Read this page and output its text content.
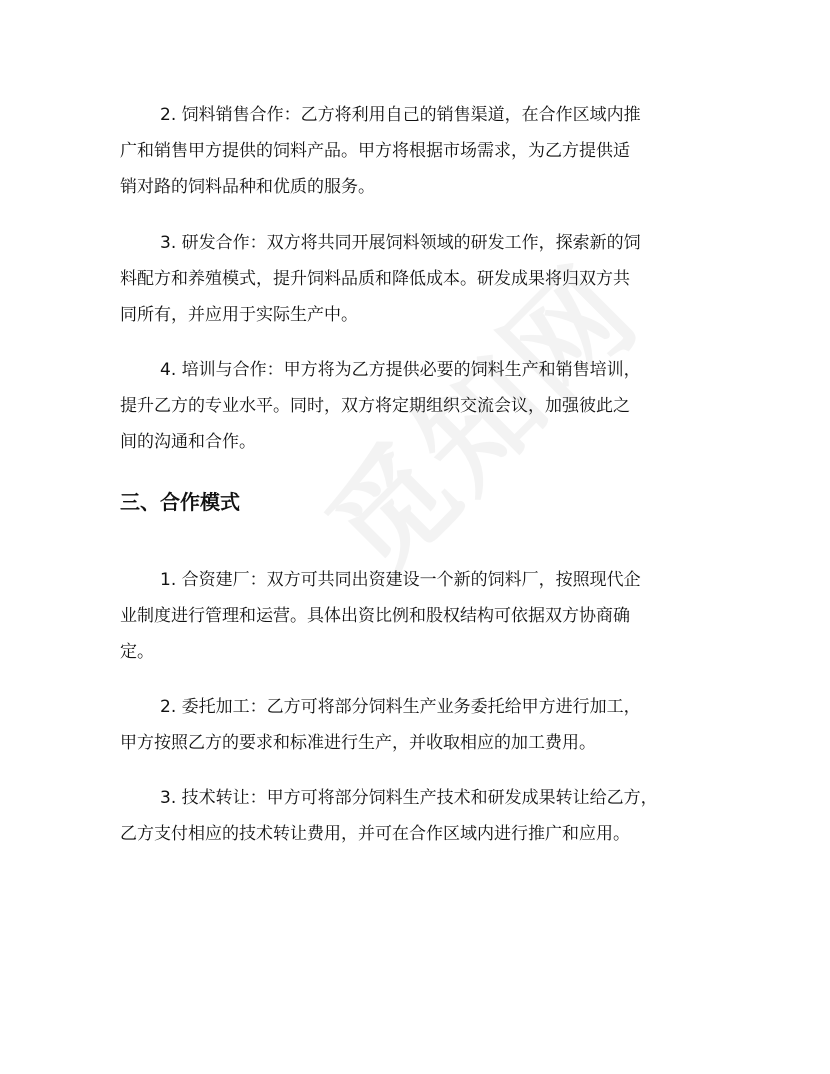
2. 饲料销售合作：乙方将利用自己的销售渠道，在合作区域内推
广和销售甲方提供的饲料产品。甲方将根据市场需求，为乙方提供适
销对路的饲料品种和优质的服务。
3. 研发合作：双方将共同开展饲料领域的研发工作，探索新的饲
料配方和养殖模式，提升饲料品质和降低成本。研发成果将归双方共
同所有，并应用于实际生产中。
4. 培训与合作：甲方将为乙方提供必要的饲料生产和销售培训，
提升乙方的专业水平。同时，双方将定期组织交流会议，加强彼此之
间的沟通和合作。
三、合作模式
1. 合资建厂：双方可共同出资建设一个新的饲料厂，按照现代企
业制度进行管理和运营。具体出资比例和股权结构可依据双方协商确
定。
2. 委托加工：乙方可将部分饲料生产业务委托给甲方进行加工，
甲方按照乙方的要求和标准进行生产，并收取相应的加工费用。
3. 技术转让：甲方可将部分饲料生产技术和研发成果转让给乙方，
乙方支付相应的技术转让费用，并可在合作区域内进行推广和应用。
